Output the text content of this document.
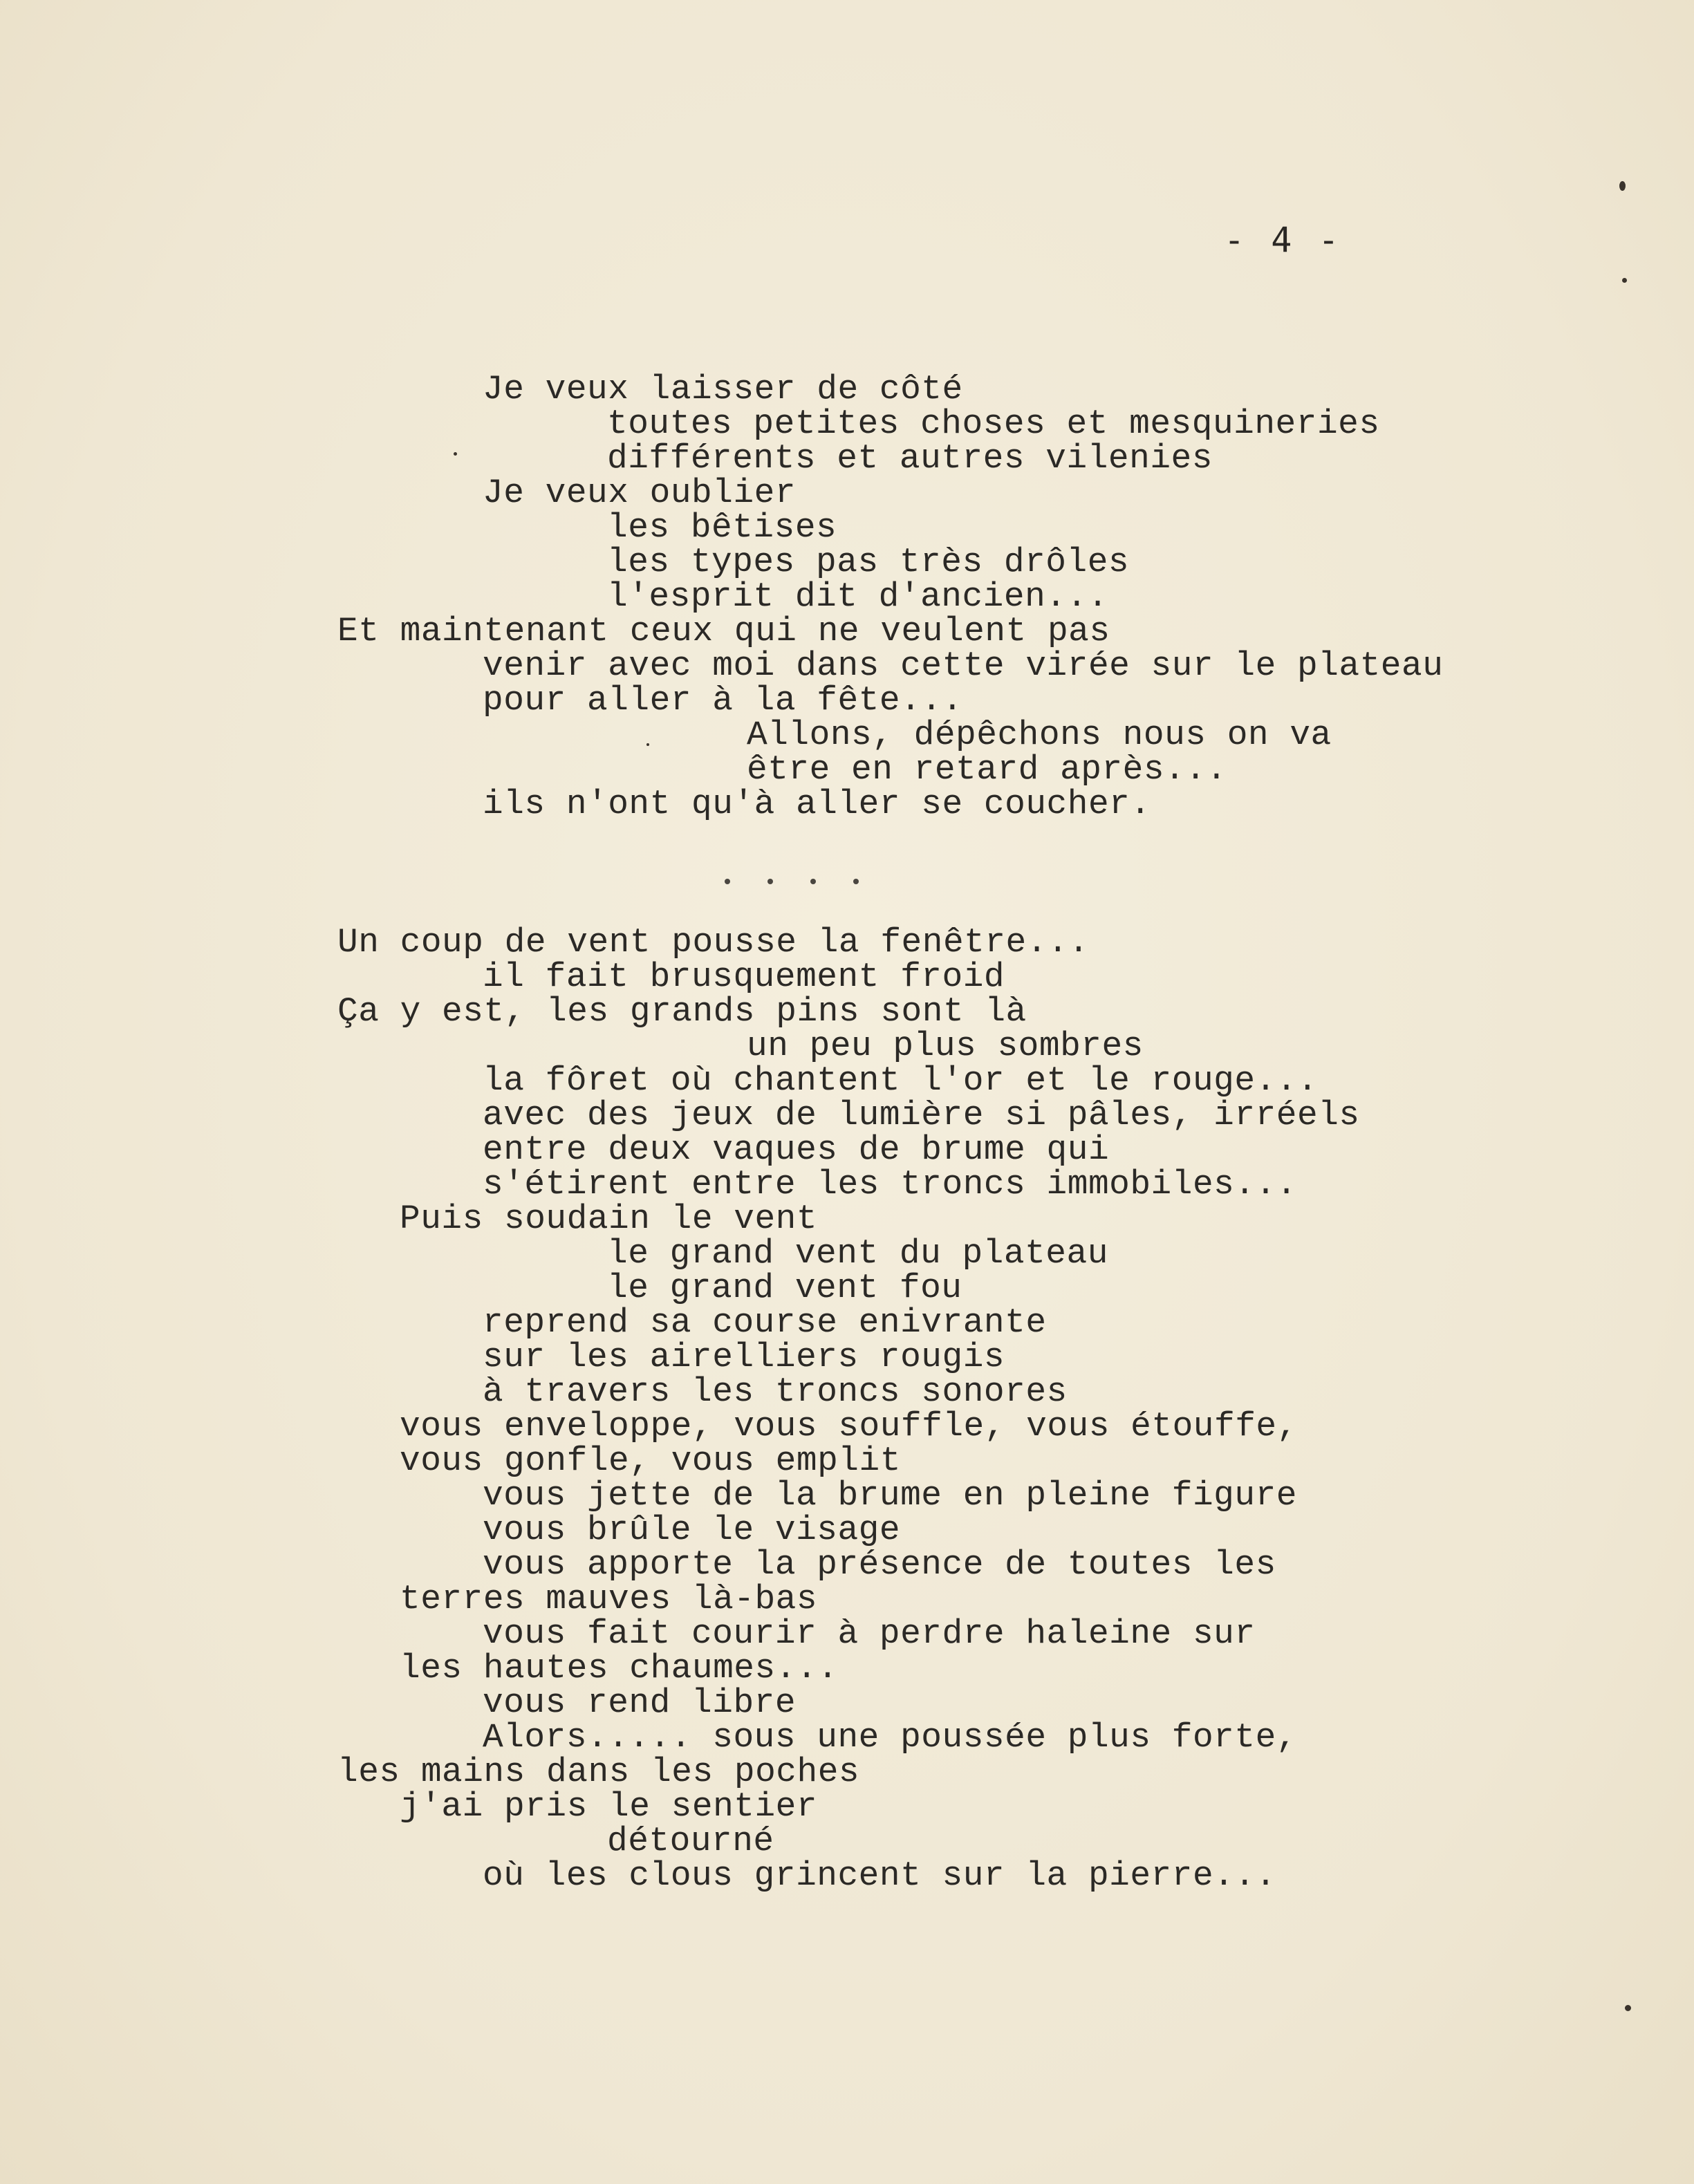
- 4 -
Je veux laisser de côté
toutes petites choses et mesquineries
différents et autres vilenies
Je veux oublier
les bêtises
les types pas très drôles
l'esprit dit d'ancien...
Et maintenant ceux qui ne veulent pas
venir avec moi dans cette virée sur le plateau
pour aller à la fête...
Allons, dépêchons nous on va
être en retard après...
ils n'ont qu'à aller se coucher.
Un coup de vent pousse la fenêtre...
il fait brusquement froid
Ça y est, les grands pins sont là
un peu plus sombres
la fôret où chantent l'or et le rouge...
avec des jeux de lumière si pâles, irréels
entre deux vaques de brume qui
s'étirent entre les troncs immobiles...
Puis soudain le vent
le grand vent du plateau
le grand vent fou
reprend sa course enivrante
sur les airelliers rougis
à travers les troncs sonores
vous enveloppe, vous souffle, vous étouffe,
vous gonfle, vous emplit
vous jette de la brume en pleine figure
vous brûle le visage
vous apporte la présence de toutes les
terres mauves là-bas
vous fait courir à perdre haleine sur
les hautes chaumes...
vous rend libre
Alors..... sous une poussée plus forte,
les mains dans les poches
j'ai pris le sentier
détourné
où les clous grincent sur la pierre...
